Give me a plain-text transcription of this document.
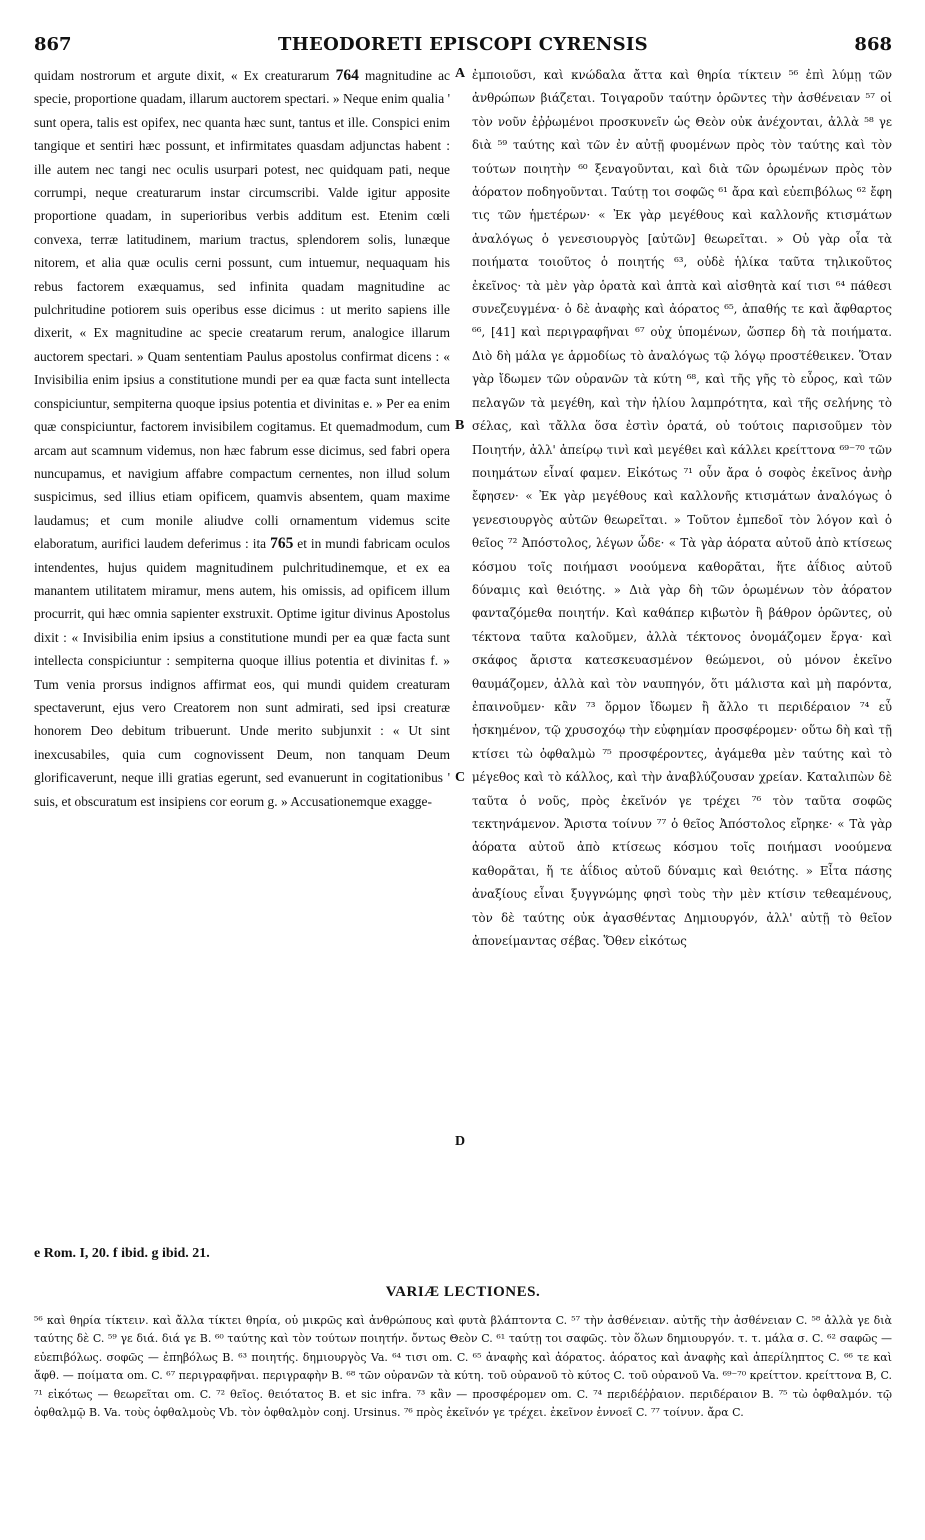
867	THEODORETI EPISCOPI CYRENSIS	868

quidam nostrorum et argute dixit, « Ex creaturarum 764 magnitudine ac specie, proportione quadam, illarum auctorem spectari. » Neque enim qualia ' sunt opera, talis est opifex, nec quanta hæc sunt, tantus et ille. Conspici enim tangique et sentiri hæc possunt, et infirmitates quasdam adjunctas habent : ille autem nec tangi nec oculis usurpari potest, nec quidquam pati, neque corrumpi, neque creaturarum instar circumscribi. Valde igitur apposite proportione quadam, in superioribus verbis additum est. Etenim cœli convexa, terræ latitudinem, marium tractus, splendorem solis, lunæque nitorem, et alia quæ oculis cerni possunt, cum intuemur, nequaquam his rebus factorem exæquamus, sed infinita quadam magnitudine ac pulchritudine potiorem suis operibus esse dicimus : ut merito sapiens ille dixerit, « Ex magnitudine ac specie creatarum rerum, analogice illarum auctorem spectari. » Quam sententiam Paulus apostolus confirmat dicens : « Invisibilia enim ipsius a constitutione mundi per ea quæ facta sunt intellecta conspiciuntur, sempiterna quoque ipsius potentia et divinitas e. » Per ea enim quæ conspiciuntur, factorem invisibilem cogitamus. Et quemadmodum, cum arcam aut scamnum videmus, non hæc fabrum esse dicimus, sed fabri opera nuncupamus, et navigium affabre compactum cernentes, non illud solum suspicimus, sed illius etiam opificem, quamvis absentem, quam maxime laudamus; et cum monile aliudve colli ornamentum videmus scite elaboratum, aurifici laudem deferimus : ita 765 et in mundi fabricam oculos intendentes, hujus quidem magnitudinem pulchritudinemque, et ex ea manantem utilitatem miramur, mens autem, his omissis, ad opificem illum procurrit, qui hæc omnia sapienter exstruxit. Optime igitur divinus Apostolus dixit : « Invisibilia enim ipsius a constitutione mundi per ea quæ facta sunt intellecta conspiciuntur : sempiterna quoque illius potentia et divinitas f. » Tum venia prorsus indignos affirmat eos, qui mundi quidem creaturam spectaverunt, ejus vero Creatorem non sunt admirati, sed ipsi creaturæ honorem Deo debitum tribuerunt. Unde merito subjunxit : « Ut sint inexcusabiles, quia cum cognovissent Deum, non tanquam Deum glorificaverunt, neque illi gratias egerunt, sed evanuerunt in cogitationibus ' suis, et obscuratum est insipiens cor eorum g. » Accusationemque exagge-

A
B
C
D

ἐμποιοῦσι, καὶ κνώδαλα ἄττα καὶ θηρία τίκτειν ⁵⁶ ἐπὶ λύμῃ τῶν ἀνθρώπων βιάζεται. Τοιγαροῦν ταύτην ὁρῶντες τὴν ἀσθένειαν ⁵⁷ οἱ τὸν νοῦν ἐῤῥωμένοι προσκυνεῖν ὡς Θεὸν οὐκ ἀνέχονται, ἀλλὰ ⁵⁸ γε διὰ ⁵⁹ ταύτης καὶ τῶν ἐν αὐτῇ φυομένων πρὸς τὸν ταύτης καὶ τὸν τούτων ποιητὴν ⁶⁰ ξεναγοῦνται, καὶ διὰ τῶν ὁρωμένων πρὸς τὸν ἀόρατον ποδηγοῦνται. Ταύτῃ τοι σοφῶς ⁶¹ ἄρα καὶ εὐεπιβόλως ⁶² ἔφη τις τῶν ἡμετέρων· « Ἐκ γὰρ μεγέθους καὶ καλλονῆς κτισμάτων ἀναλόγως ὁ γενεσιουργὸς [αὐτῶν] θεωρεῖται. » Οὐ γὰρ οἷα τὰ ποιήματα τοιοῦτος ὁ ποιητής ⁶³, οὐδὲ ἡλίκα ταῦτα τηλικοῦτος ἐκεῖνος· τὰ μὲν γὰρ ὁρατὰ καὶ ἁπτὰ καὶ αἰσθητὰ καί τισι ⁶⁴ πάθεσι συνεζευγμένα· ὁ δὲ ἀναφὴς καὶ ἀόρατος ⁶⁵, ἀπαθής τε καὶ ἄφθαρτος ⁶⁶, [41] καὶ περιγραφῆναι ⁶⁷ οὐχ ὑπομένων, ὥσπερ δὴ τὰ ποιήματα. Διὸ δὴ μάλα γε ἁρμοδίως τὸ ἀναλόγως τῷ λόγῳ προστέθεικεν. Ὅταν γὰρ ἴδωμεν τῶν οὐρανῶν τὰ κύτη ⁶⁸, καὶ τῆς γῆς τὸ εὖρος, καὶ τῶν πελαγῶν τὰ μεγέθη, καὶ τὴν ἡλίου λαμπρότητα, καὶ τῆς σελήνης τὸ σέλας, καὶ τἄλλα ὅσα ἐστὶν ὁρατά, οὐ τούτοις παρισοῦμεν τὸν Ποιητήν, ἀλλ' ἀπείρῳ τινὶ καὶ μεγέθει καὶ κάλλει κρείττονα ⁶⁹⁻⁷⁰ τῶν ποιημάτων εἶναί φαμεν. Εἰκότως ⁷¹ οὖν ἄρα ὁ σοφὸς ἐκεῖνος ἀνὴρ ἔφησεν· « Ἐκ γὰρ μεγέθους καὶ καλλονῆς κτισμάτων ἀναλόγως ὁ γενεσιουργὸς αὐτῶν θεωρεῖται. » Τοῦτον ἐμπεδοῖ τὸν λόγον καὶ ὁ θεῖος ⁷² Ἀπόστολος, λέγων ὧδε· « Τὰ γὰρ ἀόρατα αὐτοῦ ἀπὸ κτίσεως κόσμου τοῖς ποιήμασι νοούμενα καθορᾶται, ἥτε ἀΐδιος αὐτοῦ δύναμις καὶ θειότης. » Διὰ γὰρ δὴ τῶν ὁρωμένων τὸν ἀόρατον φανταζόμεθα ποιητήν. Καὶ καθάπερ κιβωτὸν ἢ βάθρον ὁρῶντες, οὐ τέκτονα ταῦτα καλοῦμεν, ἀλλὰ τέκτονος ὀνομάζομεν ἔργα· καὶ σκάφος ἄριστα κατεσκευασμένον θεώμενοι, οὐ μόνον ἐκεῖνο θαυμάζομεν, ἀλλὰ καὶ τὸν ναυπηγόν, ὅτι μάλιστα καὶ μὴ παρόντα, ἐπαινοῦμεν· κἂν ⁷³ ὅρμον ἴδωμεν ἢ ἄλλο τι περιδέραιον ⁷⁴ εὖ ἠσκημένον, τῷ χρυσοχόῳ τὴν εὐφημίαν προσφέρομεν· οὕτω δὴ καὶ τῇ κτίσει τὼ ὀφθαλμὼ ⁷⁵ προσφέροντες, ἀγάμεθα μὲν ταύτης καὶ τὸ μέγεθος καὶ τὸ κάλλος, καὶ τὴν ἀναβλύζουσαν χρείαν. Καταλιπὼν δὲ ταῦτα ὁ νοῦς, πρὸς ἐκεῖνόν γε τρέχει ⁷⁶ τὸν ταῦτα σοφῶς τεκτηνάμενον. Ἄριστα τοίνυν ⁷⁷ ὁ θεῖος Ἀπόστολος εἴρηκε· « Τὰ γὰρ ἀόρατα αὐτοῦ ἀπὸ κτίσεως κόσμου τοῖς ποιήμασι νοούμενα καθορᾶται, ἥ τε ἀΐδιος αὐτοῦ δύναμις καὶ θειότης. » Εἶτα πάσης ἀναξίους εἶναι ξυγγνώμης φησὶ τοὺς τὴν μὲν κτίσιν τεθεαμένους, τὸν δὲ ταύτης οὐκ ἀγασθέντας Δημιουργόν, ἀλλ' αὐτῇ τὸ θεῖον ἀπονείμαντας σέβας. Ὅθεν εἰκότως

e Rom. I, 20. f ibid. g ibid. 21.
VARIÆ LECTIONES.

⁵⁶ καὶ θηρία τίκτειν. καὶ ἄλλα τίκτει θηρία, οὐ μικρῶς καὶ ἀνθρώπους καὶ φυτὰ βλάπτοντα C. ⁵⁷ τὴν ἀσθένειαν. αὐτῆς τὴν ἀσθένειαν C. ⁵⁸ ἀλλὰ γε διὰ ταύτης δὲ C. ⁵⁹ γε διά. διά γε B. ⁶⁰ ταύτης καὶ τὸν τούτων ποιητήν. ὄντως Θεὸν C. ⁶¹ ταύτῃ τοι σαφῶς. τὸν ὅλων δημιουργόν. τ. τ. μάλα σ. C. ⁶² σαφῶς — εὐεπιβόλως. σοφῶς — ἐπηβόλως B. ⁶³ ποιητής. δημιουργὸς Va. ⁶⁴ τισι om. C. ⁶⁵ ἀναφὴς καὶ ἀόρατος. ἀόρατος καὶ ἀναφὴς καὶ ἀπερίληπτος C. ⁶⁶ τε καὶ ἄφθ. — ποίματα om. C. ⁶⁷ περιγραφῆναι. περιγραφὴν B. ⁶⁸ τῶν οὐρανῶν τὰ κύτη. τοῦ οὐρανοῦ τὸ κύτος C. τοῦ οὐρανοῦ Va. ⁶⁹⁻⁷⁰ κρείττον. κρείττονα B, C. ⁷¹ εἰκότως — θεωρεῖται om. C. ⁷² θεῖος. θειότατος B. et sic infra. ⁷³ κἂν — προσφέρομεν om. C. ⁷⁴ περιδέῤῥαιον. περιδέραιον B. ⁷⁵ τὼ ὀφθαλμόν. τῷ ὀφθαλμῷ B. Va. τοὺς ὀφθαλμοὺς Vb. τὸν ὀφθαλμὸν conj. Ursinus. ⁷⁶ πρὸς ἐκεῖνόν γε τρέχει. ἐκεῖνον ἐννοεῖ C. ⁷⁷ τοίνυν. ἄρα C.
